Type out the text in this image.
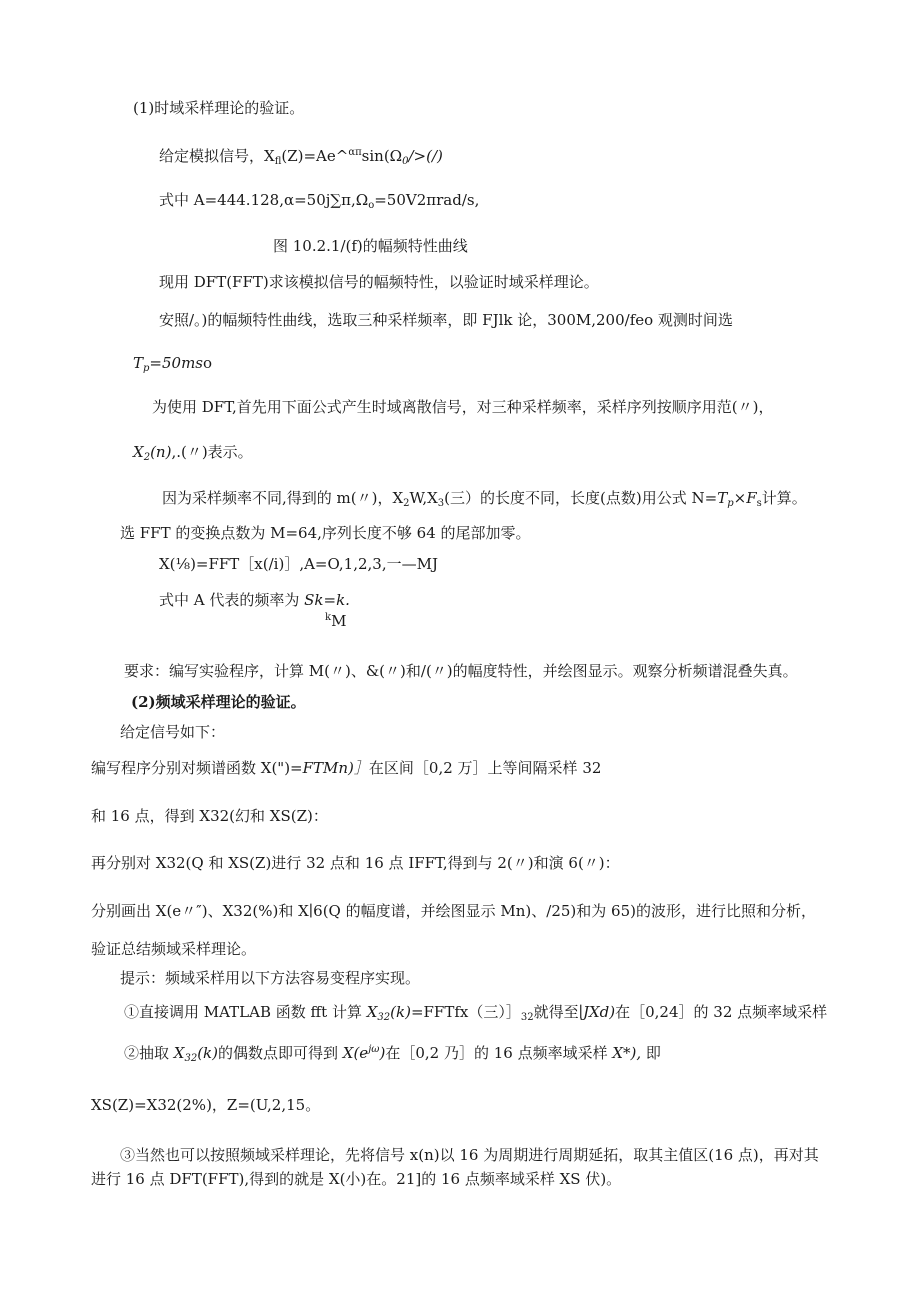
(1)时域采样理论的验证。
给定模拟信号，$X_{fl}(Z)=Ae\^{}^{\alpha\pi}\sin(\Omega_0/>(/)$
式中 $A=444.128,\alpha=50j\sum\pi,\Omega_o=50V2\pi rad/s$,
图 10.2.1/(f)的幅频特性曲线
现用 DFT(FFT)求该模拟信号的幅频特性，以验证时域采样理论。
安照/。)的幅频特性曲线，选取三种采样频率，即 FJlk 论，300M,200/feo 观测时间选
$T_p=50mso$
为使用 DFT,首先用下面公式产生时域离散信号，对三种采样频率，采样序列按顺序用范(〃)，
$X_2(n)$,.(〃)表示。
因为采样频率不同,得到的 m(〃)，$X_2W,X_3$(三）的长度不同，长度(点数)用公式 $N=T_p\times F_s$计算。
选 FFT 的变换点数为 M=64,序列长度不够 64 的尾部加零。
X(⅛)=FFT［x(/i)］,A=O,1,2,3,一—MJ
式中 A 代表的频率为 Sk=k.
$^k$M
要求：编写实验程序，计算 M(〃)、&(〃)和/(〃)的幅度特性，并绘图显示。观察分析频谱混叠失真。
(2)频域采样理论的验证。
给定信号如下：
编写程序分别对频谱函数 X(")=FTMn)］在区间［0,2 万］上等间隔采样 32
和 16 点，得到 X32(幻和 XS(Z)：
再分别对 X32(Q 和 XS(Z)进行 32 点和 16 点 IFFT,得到与 2(〃)和演 6(〃)：
分别画出 X(e〃″)、X32(%)和 X∣6(Q 的幅度谱，并绘图显示 Mn)、/25)和为 65)的波形，进行比照和分析，
验证总结频域采样理论。
提示：频域采样用以下方法容易变程序实现。
①直接调用 MATLAB 函数 fft 计算 $X_{32}(k)=FFTfx$（三）$]_{32}$就得至∣JXd)在［0,24］的 32 点频率域采样
②抽取 $X_{32}(k)$的偶数点即可得到 $X(e^{j\omega})$在［0,2 乃］的 16 点频率域采样 X*), 即
XS(Z)=X32(2%)，Z=(U,2,15。
③当然也可以按照频域采样理论，先将信号 x(n)以 16 为周期进行周期延拓，取其主值区(16 点)，再对其
进行 16 点 DFT(FFT),得到的就是 X(小)在。21]的 16 点频率域采样 XS 伏)。
